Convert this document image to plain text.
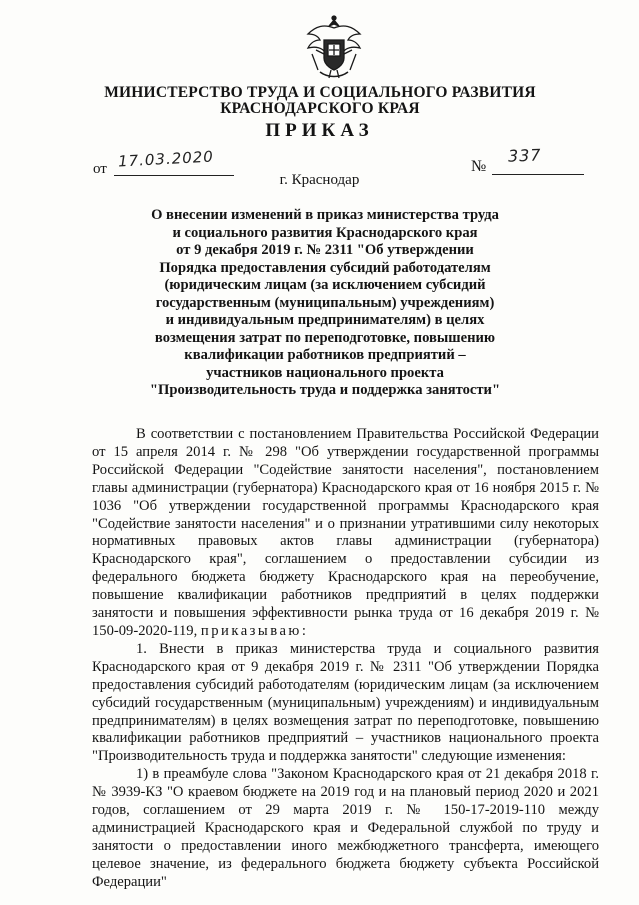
МИНИСТЕРСТВО ТРУДА И СОЦИАЛЬНОГО РАЗВИТИЯ
КРАСНОДАРСКОГО КРАЯ
ПРИКАЗ
от 17.03.2020	№
337
г. Краснодар
О внесении изменений в приказ министерства труда
и социального развития Краснодарского края
от 9 декабря 2019 г. № 2311 "Об утверждении
Порядка предоставления субсидий работодателям
(юридическим лицам (за исключением субсидий
государственным (муниципальным) учреждениям)
и индивидуальным предпринимателям) в целях
возмещения затрат по переподготовке, повышению
квалификации работников предприятий –
участников национального проекта
"Производительность труда и поддержка занятости"

В соответствии с постановлением Правительства Российской Федерации от 15 апреля 2014 г. № 298 "Об утверждении государственной программы Российской Федерации "Содействие занятости населения", постановлением главы администрации (губернатора) Краснодарского края от 16 ноября 2015 г. № 1036 "Об утверждении государственной программы Краснодарского края "Содействие занятости населения" и о признании утратившими силу некоторых нормативных правовых актов главы администрации (губернатора) Краснодарского края", соглашением о предоставлении субсидии из федерального бюджета бюджету Краснодарского края на переобучение, повышение квалификации работников предприятий в целях поддержки занятости и повышения эффективности рынка труда от 16 декабря 2019 г. № 150-09-2020-119, приказываю:

1. Внести в приказ министерства труда и социального развития Краснодарского края от 9 декабря 2019 г. № 2311 "Об утверждении Порядка предоставления субсидий работодателям (юридическим лицам (за исключением субсидий государственным (муниципальным) учреждениям) и индивидуальным предпринимателям) в целях возмещения затрат по переподготовке, повышению квалификации работников предприятий – участников национального проекта "Производительность труда и поддержка занятости" следующие изменения:

1) в преамбуле слова "Законом Краснодарского края от 21 декабря 2018 г. № 3939-КЗ "О краевом бюджете на 2019 год и на плановый период 2020 и 2021 годов, соглашением от 29 марта 2019 г. № 150-17-2019-110 между администрацией Краснодарского края и Федеральной службой по труду и занятости о предоставлении иного межбюджетного трансферта, имеющего целевое значение, из федерального бюджета бюджету субъекта Российской Федерации"
